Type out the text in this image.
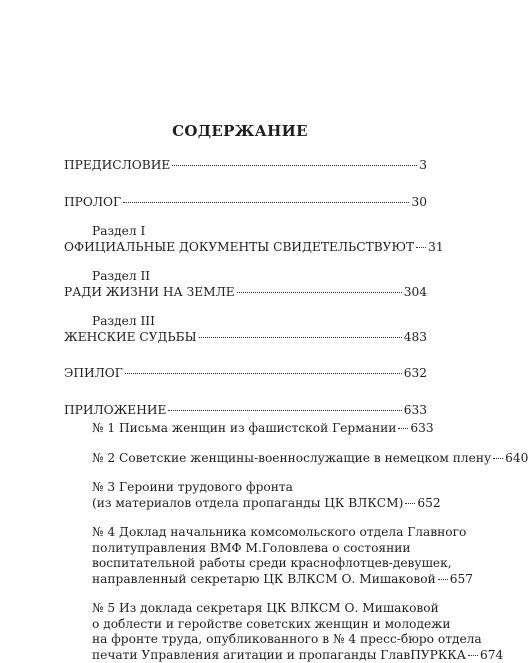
СОДЕРЖАНИЕ
ПРЕДИСЛОВИЕ	3
ПРОЛОГ	30
Раздел I
ОФИЦИАЛЬНЫЕ ДОКУМЕНТЫ СВИДЕТЕЛЬСТВУЮТ 31
Раздел II
РАДИ ЖИЗНИ НА ЗЕМЛЕ	304
Раздел III
ЖЕНСКИЕ СУДЬБЫ	483
ЭПИЛОГ	632
ПРИЛОЖЕНИЕ	633
№ 1 Письма женщин из фашистской Германии 633
№ 2 Советские женщины-военнослужащие в немецком плену 640
№ 3 Героини трудового фронта
(из материалов отдела пропаганды ЦК ВЛКСМ) 652
№ 4 Доклад начальника комсомольского отдела Главного
политуправления ВМФ М.Головлева о состоянии
воспитательной работы среди краснофлотцев-девушек,
направленный секретарю ЦК ВЛКСМ О. Мишаковой 657
№ 5 Из доклада секретаря ЦК ВЛКСМ О. Мишаковой
о доблести и геройстве советских женщин и молодежи
на фронте труда, опубликованного в № 4 пресс-бюро отдела
печати Управления агитации и пропаганды ГлавПУРККА 674
